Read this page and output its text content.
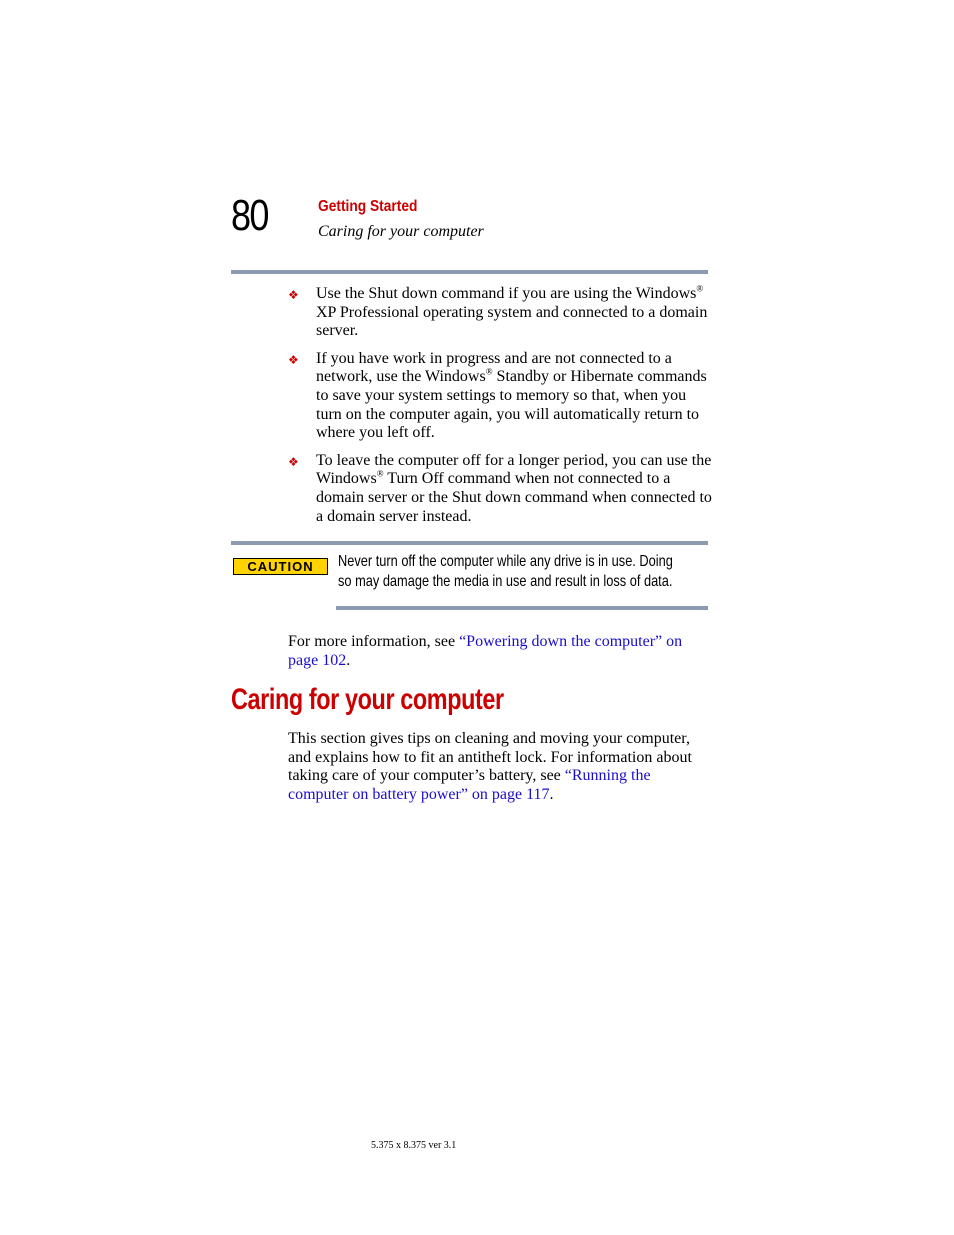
80	Getting Started
Caring for your computer
❖ Use the Shut down command if you are using the Windows® XP Professional operating system and connected to a domain server.
❖ If you have work in progress and are not connected to a network, use the Windows® Standby or Hibernate commands to save your system settings to memory so that, when you turn on the computer again, you will automatically return to where you left off.
❖ To leave the computer off for a longer period, you can use the Windows® Turn Off command when not connected to a domain server or the Shut down command when connected to a domain server instead.
CAUTION	Never turn off the computer while any drive is in use. Doing so may damage the media in use and result in loss of data.
For more information, see “Powering down the computer” on page 102.
Caring for your computer
This section gives tips on cleaning and moving your computer, and explains how to fit an antitheft lock. For information about taking care of your computer’s battery, see “Running the computer on battery power” on page 117.
5.375 x 8.375 ver 3.1
